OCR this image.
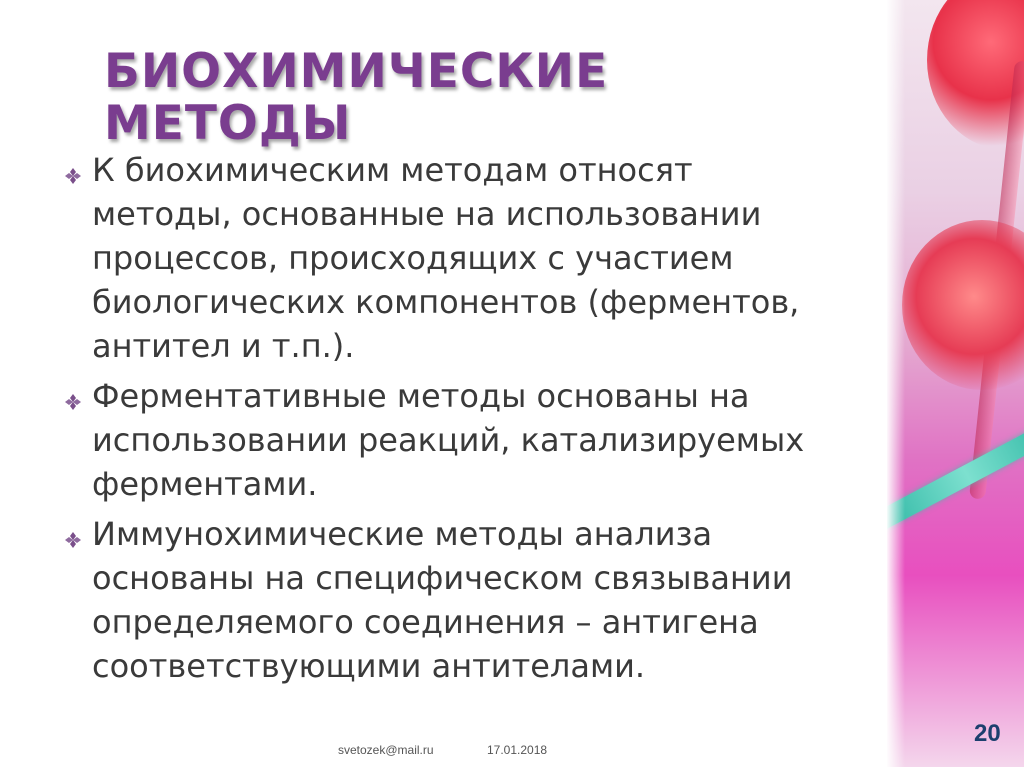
БИОХИМИЧЕСКИЕ МЕТОДЫ
К биохимическим методам относят методы, основанные на использовании процессов, происходящих с участием биологических компонентов (ферментов, антител и т.п.).
Ферментативные методы основаны на использовании реакций, катализируемых ферментами.
Иммунохимические методы анализа основаны на специфическом связывании определяемого соединения – антигена соответствующими антителами.
svetozek@mail.ru	17.01.2018
20
